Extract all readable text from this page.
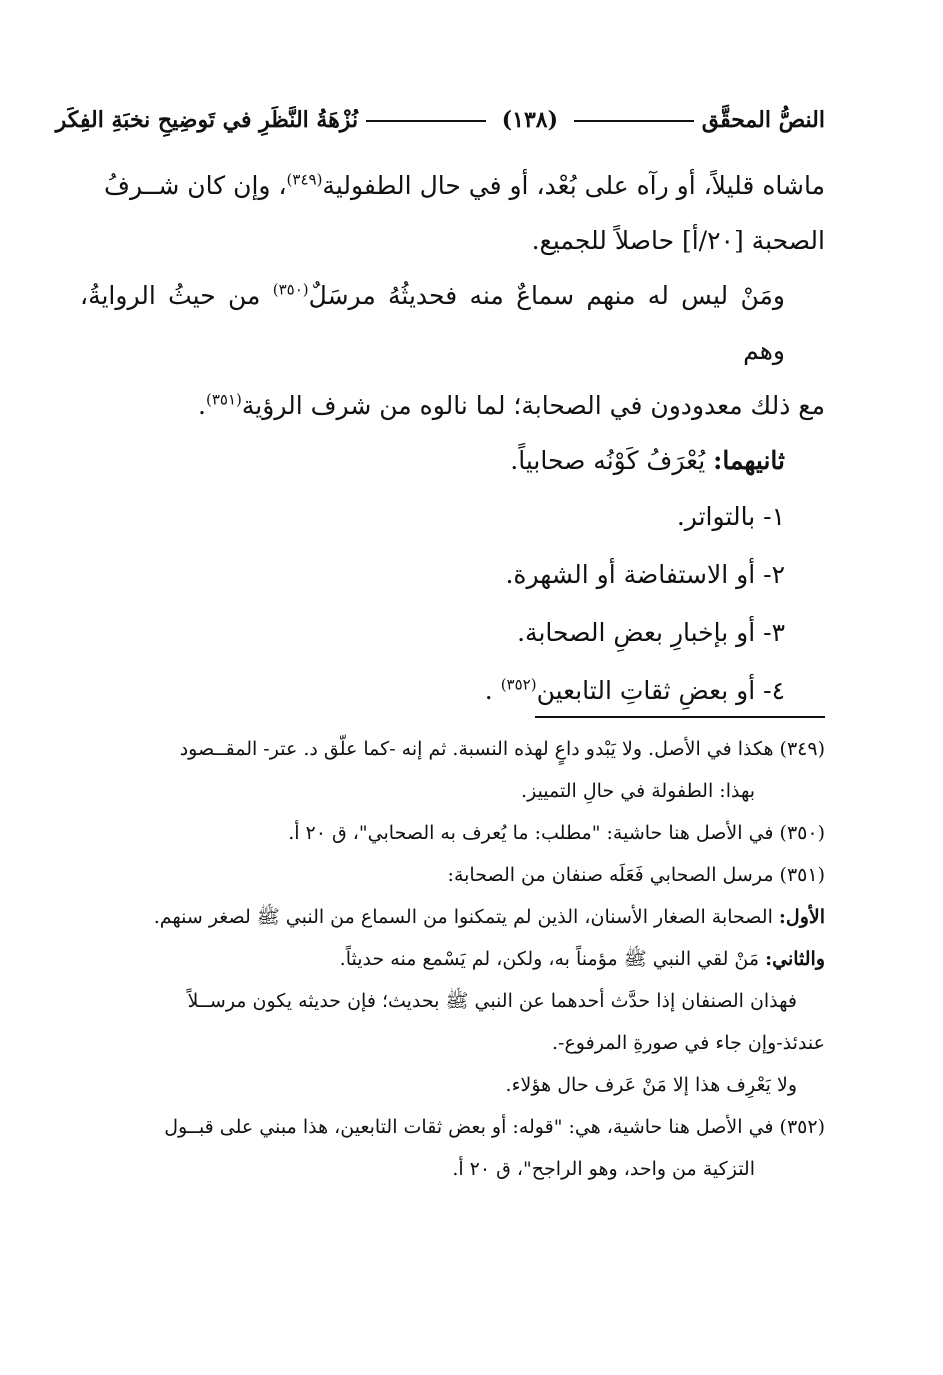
النصُّ المحقَّق
(١٣٨)
نُزْهَةُ النَّظَرِ في تَوضِيحِ نخبَةِ الفِكَر

ماشاه قليلاً، أو رآه على بُعْد، أو في حال الطفولية$^{(٣٤٩)}$، وإن كان شــرفُ

الصحبة [٢٠/أ] حاصلاً للجميع.

ومَنْ ليس له منهم سماعٌ منه فحديثُهُ مرسَلٌ$^{(٣٥٠)}$ من حيثُ الروايةُ، وهم

مع ذلك معدودون في الصحابة؛ لما نالوه من شرف الرؤية$^{(٣٥١)}$.

ثانيهما: يُعْرَفُ كَوْنُه صحابياً.

١- بالتواتر.

٢- أو الاستفاضة أو الشهرة.

٣- أو بإخبارِ بعضِ الصحابة.

٤- أو بعضِ ثقاتِ التابعين$^{(٣٥٢)}$ .

(٣٤٩) هكذا في الأصل. ولا يَبْدو داعٍ لهذه النسبة. ثم إنه -كما علّق د. عتر- المقــصود

بهذا: الطفولة في حالِ التمييز.

(٣٥٠) في الأصل هنا حاشية: "مطلب: ما يُعرف به الصحابي"، ق ٢٠ أ.

(٣٥١) مرسل الصحابي فَعَلَه صنفان من الصحابة:

الأول: الصحابة الصغار الأسنان، الذين لم يتمكنوا من السماع من النبي ﷺ لصغر سنهم.

والثاني: مَنْ لقي النبي ﷺ مؤمناً به، ولكن، لم يَسْمع منه حديثاً.

فهذان الصنفان إذا حدَّث أحدهما عن النبي ﷺ بحديث؛ فإن حديثه يكون مرســلاً

عندئذ-وإن جاء في صورةِ المرفوع-.

ولا يَعْرِف هذا إلا مَنْ عَرف حال هؤلاء.

(٣٥٢) في الأصل هنا حاشية، هي: "قوله: أو بعض ثقات التابعين، هذا مبني على قبــول

التزكية من واحد، وهو الراجح"، ق ٢٠ أ.
